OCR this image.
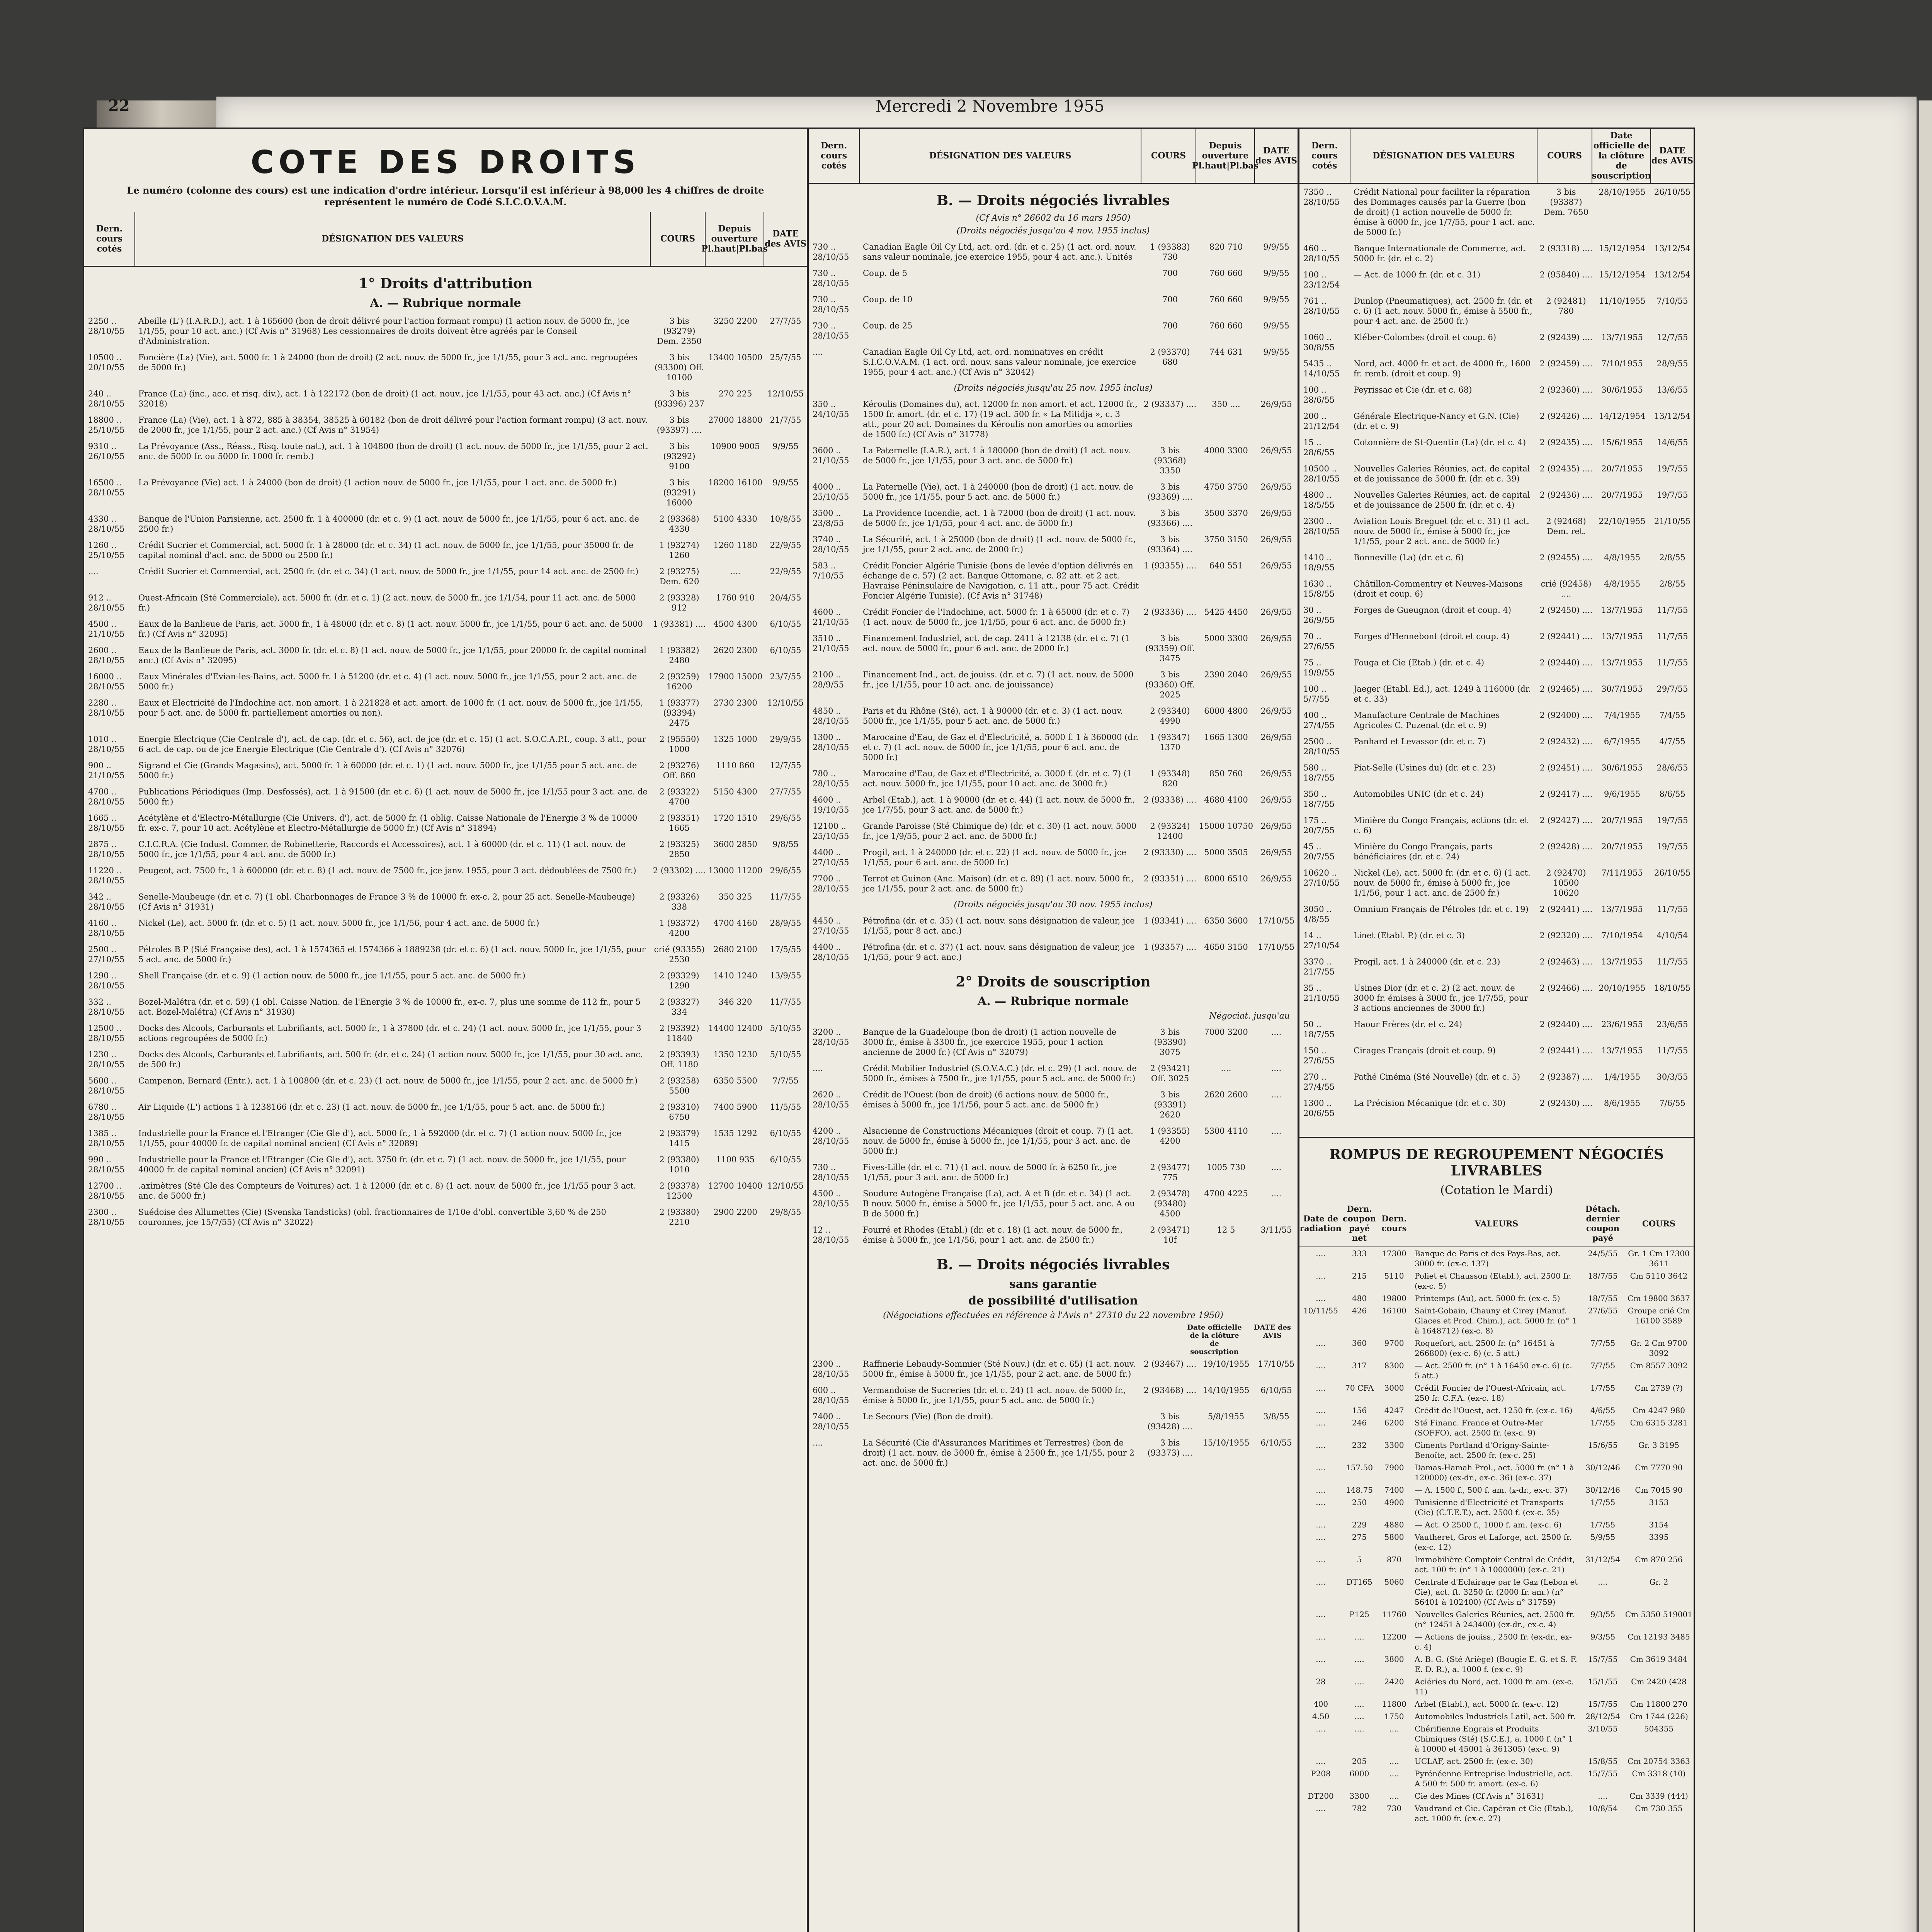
22	Mercredi 2 Novembre 1955
COTE DES DROITS
Le numéro (colonne des cours) est une indication d'ordre intérieur. Lorsqu'il est inférieur à 98,000 les 4 chiffres de droite représentent le numéro de Codé S.I.C.O.V.A.M.
Dern. cours cotés
DÉSIGNATION DES VALEURS	COURS
Depuis ouverture Pl.haut|Pl.bas
DATE des AVIS
1° Droits d'attribution
A. — Rubrique normale
2250 .. 28/10/55
Abeille (L') (I.A.R.D.), act. 1 à 165600 (bon de droit délivré pour l'action formant rompu) (1 action nouv. de 5000 fr., jce 1/1/55, pour 10 act. anc.) (Cf Avis n° 31968) Les cessionnaires de droits doivent être agréés par le Conseil d'Administration.
3 bis (93279) Dem. 2350
3250 2200	27/7/55
10500 .. 20/10/55
Foncière (La) (Vie), act. 5000 fr. 1 à 24000 (bon de droit) (2 act. nouv. de 5000 fr., jce 1/1/55, pour 3 act. anc. regroupées de 5000 fr.)
3 bis (93300) Off. 10100
13400 10500 25/7/55
240 .. 28/10/55
France (La) (inc., acc. et risq. div.), act. 1 à 122172 (bon de droit) (1 act. nouv., jce 1/1/55, pour 43 act. anc.) (Cf Avis n° 32018)
3 bis (93396) 237
270 225	12/10/55
18800 .. 25/10/55
France (La) (Vie), act. 1 à 872, 885 à 38354, 38525 à 60182 (bon de droit délivré pour l'action formant rompu) (3 act. nouv. de 2000 fr., jce 1/1/55, pour 2 act. anc.) (Cf Avis n° 31954)
3 bis (93397) ....
27000 18800 21/7/55
9310 .. 26/10/55
La Prévoyance (Ass., Réass., Risq. toute nat.), act. 1 à 104800 (bon de droit) (1 act. nouv. de 5000 fr., jce 1/1/55, pour 2 act. anc. de 5000 fr. ou 5000 fr. 1000 fr. remb.)
3 bis (93292) 9100
10900 9005	9/9/55
16500 .. 28/10/55
La Prévoyance (Vie) act. 1 à 24000 (bon de droit) (1 action nouv. de 5000 fr., jce 1/1/55, pour 1 act. anc. de 5000 fr.)	3 bis (93291) 16000
18200 16100	9/9/55
4330 .. 28/10/55
Banque de l'Union Parisienne, act. 2500 fr. 1 à 400000 (dr. et c. 9) (1 act. nouv. de 5000 fr., jce 1/1/55, pour 6 act. anc. de 2500 fr.)
2 (93368) 4330
5100 4330	10/8/55
1260 .. 25/10/55
Crédit Sucrier et Commercial, act. 5000 fr. 1 à 28000 (dr. et c. 34) (1 act. nouv. de 5000 fr., jce 1/1/55, pour 35000 fr. de capital nominal d'act. anc. de 5000 ou 2500 fr.)
1 (93274) 1260
1260 1180	22/9/55
....	Crédit Sucrier et Commercial, act. 2500 fr. (dr. et c. 34) (1 act. nouv. de 5000 fr., jce 1/1/55, pour 14 act. anc. de 2500 fr.)	2 (93275) Dem. 620
....	22/9/55
912 .. 28/10/55
Ouest-Africain (Sté Commerciale), act. 5000 fr. (dr. et c. 1) (2 act. nouv. de 5000 fr., jce 1/1/54, pour 11 act. anc. de 5000 fr.)
2 (93328) 912
1760 910	20/4/55
4500 .. 21/10/55
Eaux de la Banlieue de Paris, act. 5000 fr., 1 à 48000 (dr. et c. 8) (1 act. nouv. 5000 fr., jce 1/1/55, pour 6 act. anc. de 5000 fr.) (Cf Avis n° 32095)
1 (93381) .... 4500 4300	6/10/55
2600 .. 28/10/55
Eaux de la Banlieue de Paris, act. 3000 fr. (dr. et c. 8) (1 act. nouv. de 5000 fr., jce 1/1/55, pour 20000 fr. de capital nominal anc.) (Cf Avis n° 32095)
1 (93382) 2480
2620 2300	6/10/55
16000 .. 28/10/55
Eaux Minérales d'Evian-les-Bains, act. 5000 fr. 1 à 51200 (dr. et c. 4) (1 act. nouv. 5000 fr., jce 1/1/55, pour 2 act. anc. de 5000 fr.)
2 (93259) 16200
17900 15000 23/7/55
2280 .. 28/10/55
Eaux et Electricité de l'Indochine act. non amort. 1 à 221828 et act. amort. de 1000 fr. (1 act. nouv. de 5000 fr., jce 1/1/55, pour 5 act. anc. de 5000 fr. partiellement amorties ou non).
1 (93377) (93394) 2475
2730 2300	12/10/55
1010 .. 28/10/55
Energie Electrique (Cie Centrale d'), act. de cap. (dr. et c. 56), act. de jce (dr. et c. 15) (1 act. S.O.C.A.P.I., coup. 3 att., pour 6 act. de cap. ou de jce Energie Electrique (Cie Centrale d'). (Cf Avis n° 32076)
2 (95550) 1000
1325 1000	29/9/55
900 .. 21/10/55
Sigrand et Cie (Grands Magasins), act. 5000 fr. 1 à 60000 (dr. et c. 1) (1 act. nouv. 5000 fr., jce 1/1/55 pour 5 act. anc. de 5000 fr.)
2 (93276) Off. 860
1110 860	12/7/55
4700 .. 28/10/55
Publications Périodiques (Imp. Desfossés), act. 1 à 91500 (dr. et c. 6) (1 act. nouv. de 5000 fr., jce 1/1/55 pour 3 act. anc. de 5000 fr.)
2 (93322) 4700
5150 4300	27/7/55
1665 .. 28/10/55
Acétylène et d'Electro-Métallurgie (Cie Univers. d'), act. de 5000 fr. (1 oblig. Caisse Nationale de l'Energie 3 % de 10000 fr. ex-c. 7, pour 10 act. Acétylène et Electro-Métallurgie de 5000 fr.) (Cf Avis n° 31894)
2 (93351) 1665
1720 1510	29/6/55
2875 .. 28/10/55
C.I.C.R.A. (Cie Indust. Commer. de Robinetterie, Raccords et Accessoires), act. 1 à 60000 (dr. et c. 11) (1 act. nouv. de 5000 fr., jce 1/1/55, pour 4 act. anc. de 5000 fr.)
2 (93325) 2850
3600 2850	9/8/55
11220 .. 28/10/55
Peugeot, act. 7500 fr., 1 à 600000 (dr. et c. 8) (1 act. nouv. de 7500 fr., jce janv. 1955, pour 3 act. dédoublées de 7500 fr.)	2 (93302) .... 13000 11200 29/6/55
342 .. 28/10/55
Senelle-Maubeuge (dr. et c. 7) (1 obl. Charbonnages de France 3 % de 10000 fr. ex-c. 2, pour 25 act. Senelle-Maubeuge) (Cf Avis n° 31931)
2 (93326) 338
350 325	11/7/55
4160 .. 28/10/55
Nickel (Le), act. 5000 fr. (dr. et c. 5) (1 act. nouv. 5000 fr., jce 1/1/56, pour 4 act. anc. de 5000 fr.)	1 (93372) 4200
4700 4160	28/9/55
2500 .. 27/10/55
Pétroles B P (Sté Française des), act. 1 à 1574365 et 1574366 à 1889238 (dr. et c. 6) (1 act. nouv. 5000 fr., jce 1/1/55, pour 5 act. anc. de 5000 fr.)
crié (93355) 2530
2680 2100	17/5/55
1290 .. 28/10/55
Shell Française (dr. et c. 9) (1 action nouv. de 5000 fr., jce 1/1/55, pour 5 act. anc. de 5000 fr.)	2 (93329) 1290
1410 1240	13/9/55
332 .. 28/10/55
Bozel-Malétra (dr. et c. 59) (1 obl. Caisse Nation. de l'Energie 3 % de 10000 fr., ex-c. 7, plus une somme de 112 fr., pour 5 act. Bozel-Malétra) (Cf Avis n° 31930)
2 (93327) 334
346 320	11/7/55
12500 .. 28/10/55
Docks des Alcools, Carburants et Lubrifiants, act. 5000 fr., 1 à 37800 (dr. et c. 24) (1 act. nouv. 5000 fr., jce 1/1/55, pour 3 actions regroupées de 5000 fr.)
2 (93392) 11840
14400 12400 5/10/55
1230 .. 28/10/55
Docks des Alcools, Carburants et Lubrifiants, act. 500 fr. (dr. et c. 24) (1 action nouv. 5000 fr., jce 1/1/55, pour 30 act. anc. de 500 fr.)
2 (93393) Off. 1180
1350 1230	5/10/55
5600 .. 28/10/55
Campenon, Bernard (Entr.), act. 1 à 100800 (dr. et c. 23) (1 act. nouv. de 5000 fr., jce 1/1/55, pour 2 act. anc. de 5000 fr.)	2 (93258) 5500
6350 5500	7/7/55
6780 .. 28/10/55
Air Liquide (L') actions 1 à 1238166 (dr. et c. 23) (1 act. nouv. de 5000 fr., jce 1/1/55, pour 5 act. anc. de 5000 fr.)	2 (93310) 6750
7400 5900	11/5/55
1385 .. 28/10/55
Industrielle pour la France et l'Etranger (Cie Gle d'), act. 5000 fr., 1 à 592000 (dr. et c. 7) (1 action nouv. 5000 fr., jce 1/1/55, pour 40000 fr. de capital nominal ancien) (Cf Avis n° 32089)
2 (93379) 1415
1535 1292	6/10/55
990 .. 28/10/55
Industrielle pour la France et l'Etranger (Cie Gle d'), act. 3750 fr. (dr. et c. 7) (1 act. nouv. de 5000 fr., jce 1/1/55, pour 40000 fr. de capital nominal ancien) (Cf Avis n° 32091)
2 (93380) 1010
1100 935	6/10/55
12700 .. 28/10/55
.aximètres (Sté Gle des Compteurs de Voitures) act. 1 à 12000 (dr. et c. 8) (1 act. nouv. de 5000 fr., jce 1/1/55 pour 3 act. anc. de 5000 fr.)
2 (93378) 12500
12700 10400 12/10/55
2300 .. 28/10/55
Suédoise des Allumettes (Cie) (Svenska Tandsticks) (obl. fractionnaires de 1/10e d'obl. convertible 3,60 % de 250 couronnes, jce 15/7/55) (Cf Avis n° 32022)
2 (93380) 2210
2900 2200	29/8/55
Dern. cours cotés
DÉSIGNATION DES VALEURS	COURS
Depuis ouverture Pl.haut|Pl.bas
DATE des AVIS
B. — Droits négociés livrables
(Cf Avis n° 26602 du 16 mars 1950)
(Droits négociés jusqu'au 4 nov. 1955 inclus)
730 .. 28/10/55
Canadian Eagle Oil Cy Ltd, act. ord. (dr. et c. 25) (1 act. ord. nouv. sans valeur nominale, jce exercice 1955, pour 4 act. anc.). Unités
1 (93383) 730
820 710	9/9/55
730 .. 28/10/55
Coup. de 5	700	760 660	9/9/55
730 .. 28/10/55
Coup. de 10	700	760 660	9/9/55
730 .. 28/10/55
Coup. de 25	700	760 660	9/9/55
....	Canadian Eagle Oil Cy Ltd, act. ord. nominatives en crédit S.I.C.O.V.A.M. (1 act. ord. nouv. sans valeur nominale, jce exercice 1955, pour 4 act. anc.) (Cf Avis n° 32042)
2 (93370) 680
744 631	9/9/55
(Droits négociés jusqu'au 25 nov. 1955 inclus)
350 .. 24/10/55
Kéroulis (Domaines du), act. 12000 fr. non amort. et act. 12000 fr., 1500 fr. amort. (dr. et c. 17) (19 act. 500 fr. « La Mitidja », c. 3 att., pour 20 act. Domaines du Kéroulis non amorties ou amorties de 1500 fr.) (Cf Avis n° 31778)
2 (93337) ....	350 ....	26/9/55
3600 .. 21/10/55
La Paternelle (I.A.R.), act. 1 à 180000 (bon de droit) (1 act. nouv. de 5000 fr., jce 1/1/55, pour 3 act. anc. de 5000 fr.)
3 bis (93368) 3350
4000 3300	26/9/55
4000 .. 25/10/55
La Paternelle (Vie), act. 1 à 240000 (bon de droit) (1 act. nouv. de 5000 fr., jce 1/1/55, pour 5 act. anc. de 5000 fr.)
3 bis (93369) ....
4750 3750	26/9/55
3500 .. 23/8/55
La Providence Incendie, act. 1 à 72000 (bon de droit) (1 act. nouv. de 5000 fr., jce 1/1/55, pour 4 act. anc. de 5000 fr.)
3 bis (93366) ....
3500 3370	26/9/55
3740 .. 28/10/55
La Sécurité, act. 1 à 25000 (bon de droit) (1 act. nouv. de 5000 fr., jce 1/1/55, pour 2 act. anc. de 2000 fr.)
3 bis (93364) ....
3750 3150	26/9/55
583 .. 7/10/55
Crédit Foncier Algérie Tunisie (bons de levée d'option délivrés en échange de c. 57) (2 act. Banque Ottomane, c. 82 att. et 2 act. Havraise Péninsulaire de Navigation, c. 11 att., pour 75 act. Crédit Foncier Algérie Tunisie). (Cf Avis n° 31748)
1 (93355) ....	640 551	26/9/55
4600 .. 21/10/55
Crédit Foncier de l'Indochine, act. 5000 fr. 1 à 65000 (dr. et c. 7) (1 act. nouv. de 5000 fr., jce 1/1/55, pour 6 act. anc. de 5000 fr.)
2 (93336) .... 5425 4450	26/9/55
3510 .. 21/10/55
Financement Industriel, act. de cap. 2411 à 12138 (dr. et c. 7) (1 act. nouv. de 5000 fr., pour 6 act. anc. de 2000 fr.)
3 bis (93359) Off. 3475
5000 3300	26/9/55
2100 .. 28/9/55
Financement Ind., act. de jouiss. (dr. et c. 7) (1 act. nouv. de 5000 fr., jce 1/1/55, pour 10 act. anc. de jouissance)
3 bis (93360) Off. 2025
2390 2040	26/9/55
4850 .. 28/10/55
Paris et du Rhône (Sté), act. 1 à 90000 (dr. et c. 3) (1 act. nouv. 5000 fr., jce 1/1/55, pour 5 act. anc. de 5000 fr.)
2 (93340) 4990
6000 4800	26/9/55
1300 .. 28/10/55
Marocaine d'Eau, de Gaz et d'Electricité, a. 5000 f. 1 à 360000 (dr. et c. 7) (1 act. nouv. de 5000 fr., jce 1/1/55, pour 6 act. anc. de 5000 fr.)
1 (93347) 1370
1665 1300	26/9/55
780 .. 28/10/55
Marocaine d'Eau, de Gaz et d'Electricité, a. 3000 f. (dr. et c. 7) (1 act. nouv. 5000 fr., jce 1/1/55, pour 10 act. anc. de 3000 fr.)
1 (93348) 820
850 760	26/9/55
4600 .. 19/10/55
Arbel (Etab.), act. 1 à 90000 (dr. et c. 44) (1 act. nouv. de 5000 fr., jce 1/7/55, pour 3 act. anc. de 5000 fr.)
2 (93338) .... 4680 4100	26/9/55
12100 .. 25/10/55
Grande Paroisse (Sté Chimique de) (dr. et c. 30) (1 act. nouv. 5000 fr., jce 1/9/55, pour 2 act. anc. de 5000 fr.)
2 (93324) 12400
15000 10750 26/9/55
4400 .. 27/10/55
Progil, act. 1 à 240000 (dr. et c. 22) (1 act. nouv. de 5000 fr., jce 1/1/55, pour 6 act. anc. de 5000 fr.)
2 (93330) .... 5000 3505	26/9/55
7700 .. 28/10/55
Terrot et Guinon (Anc. Maison) (dr. et c. 89) (1 act. nouv. 5000 fr., jce 1/1/55, pour 2 act. anc. de 5000 fr.)
2 (93351) .... 8000 6510	26/9/55
(Droits négociés jusqu'au 30 nov. 1955 inclus)
4450 .. 27/10/55
Pétrofina (dr. et c. 35) (1 act. nouv. sans désignation de valeur, jce 1/1/55, pour 8 act. anc.)
1 (93341) .... 6350 3600	17/10/55
4400 .. 28/10/55
Pétrofina (dr. et c. 37) (1 act. nouv. sans désignation de valeur, jce 1/1/55, pour 9 act. anc.)
1 (93357) .... 4650 3150	17/10/55
2° Droits de souscription
A. — Rubrique normale
Négociat. jusqu'au
3200 .. 28/10/55
Banque de la Guadeloupe (bon de droit) (1 action nouvelle de 3000 fr., émise à 3300 fr., jce exercice 1955, pour 1 action ancienne de 2000 fr.) (Cf Avis n° 32079)
3 bis (93390) 3075
7000 3200	....
....	Crédit Mobilier Industriel (S.O.V.A.C.) (dr. et c. 29) (1 act. nouv. de 5000 fr., émises à 7500 fr., jce 1/1/55, pour 5 act. anc. de 5000 fr.)
2 (93421) Off. 3025
....	....
2620 .. 28/10/55
Crédit de l'Ouest (bon de droit) (6 actions nouv. de 5000 fr., émises à 5000 fr., jce 1/1/56, pour 5 act. anc. de 5000 fr.)
3 bis (93391) 2620
2620 2600	....
4200 .. 28/10/55
Alsacienne de Constructions Mécaniques (droit et coup. 7) (1 act. nouv. de 5000 fr., émise à 5000 fr., jce 1/1/55, pour 3 act. anc. de 5000 fr.)
1 (93355) 4200
5300 4110	....
730 .. 28/10/55
Fives-Lille (dr. et c. 71) (1 act. nouv. de 5000 fr. à 6250 fr., jce 1/1/55, pour 3 act. anc. de 5000 fr.)
2 (93477) 775
1005 730	....
4500 .. 28/10/55
Soudure Autogène Française (La), act. A et B (dr. et c. 34) (1 act. B nouv. 5000 fr., émise à 5000 fr., jce 1/1/55, pour 5 act. anc. A ou B de 5000 fr.)
2 (93478) (93480) 4500
4700 4225	....
12 .. 28/10/55
Fourré et Rhodes (Etabl.) (dr. et c. 18) (1 act. nouv. de 5000 fr., émise à 5000 fr., jce 1/1/56, pour 1 act. anc. de 2500 fr.)
2 (93471) 10f
12 5	3/11/55
B. — Droits négociés livrables
sans garantie
de possibilité d'utilisation
(Négociations effectuées en référence à l'Avis n° 27310 du 22 novembre 1950)
Date officielle de la clôture de souscription
DATE des AVIS
2300 .. 28/10/55
Raffinerie Lebaudy-Sommier (Sté Nouv.) (dr. et c. 65) (1 act. nouv. 5000 fr., émise à 5000 fr., jce 1/1/55, pour 2 act. anc. de 5000 fr.)
2 (93467) .... 19/10/1955	17/10/55
600 .. 28/10/55
Vermandoise de Sucreries (dr. et c. 24) (1 act. nouv. de 5000 fr., émise à 5000 fr., jce 1/1/55, pour 5 act. anc. de 5000 fr.)
2 (93468) .... 14/10/1955	6/10/55
7400 .. 28/10/55
Le Secours (Vie) (Bon de droit).	3 bis (93428) ....
5/8/1955	3/8/55
....	La Sécurité (Cie d'Assurances Maritimes et Terrestres) (bon de droit) (1 act. nouv. de 5000 fr., émise à 2500 fr., jce 1/1/55, pour 2 act. anc. de 5000 fr.)
3 bis (93373) ....
15/10/1955	6/10/55
Dern. cours cotés
DÉSIGNATION DES VALEURS	COURS
Date officielle de la clôture de souscription
DATE des AVIS
7350 .. 28/10/55
Crédit National pour faciliter la réparation des Dommages causés par la Guerre (bon de droit) (1 action nouvelle de 5000 fr. émise à 6000 fr., jce 1/7/55, pour 1 act. anc. de 5000 fr.)
3 bis (93387) Dem. 7650
28/10/1955	26/10/55
460 .. 28/10/55
Banque Internationale de Commerce, act. 5000 fr. (dr. et c. 2)
2 (93318) .... 15/12/1954	13/12/54
100 .. 23/12/54
— Act. de 1000 fr. (dr. et c. 31)	2 (95840) .... 15/12/1954	13/12/54
761 .. 28/10/55
Dunlop (Pneumatiques), act. 2500 fr. (dr. et c. 6) (1 act. nouv. 5000 fr., émise à 5500 fr., pour 4 act. anc. de 2500 fr.)
2 (92481) 780
11/10/1955	7/10/55
1060 .. 30/8/55
Kléber-Colombes (droit et coup. 6)	2 (92439) ....	13/7/1955	12/7/55
5435 .. 14/10/55
Nord, act. 4000 fr. et act. de 4000 fr., 1600 fr. remb. (droit et coup. 9)
2 (92459) ....	7/10/1955	28/9/55
100 .. 28/6/55
Peyrissac et Cie (dr. et c. 68)	2 (92360) ....	30/6/1955	13/6/55
200 .. 21/12/54
Générale Electrique-Nancy et G.N. (Cie) (dr. et c. 9)
2 (92426) .... 14/12/1954	13/12/54
15 .. 28/6/55
Cotonnière de St-Quentin (La) (dr. et c. 4)	2 (92435) ....	15/6/1955	14/6/55
10500 .. 28/10/55
Nouvelles Galeries Réunies, act. de capital et de jouissance de 5000 fr. (dr. et c. 39)
2 (92435) ....	20/7/1955	19/7/55
4800 .. 18/5/55
Nouvelles Galeries Réunies, act. de capital et de jouissance de 2500 fr. (dr. et c. 4)
2 (92436) ....	20/7/1955	19/7/55
2300 .. 28/10/55
Aviation Louis Breguet (dr. et c. 31) (1 act. nouv. de 5000 fr., émise à 5000 fr., jce 1/1/55, pour 2 act. anc. de 5000 fr.)
2 (92468) Dem. ret.
22/10/1955	21/10/55
1410 .. 18/9/55
Bonneville (La) (dr. et c. 6)	2 (92455) ....	4/8/1955	2/8/55
1630 .. 15/8/55
Châtillon-Commentry et Neuves-Maisons (droit et coup. 6)
crié (92458) ....
4/8/1955	2/8/55
30 .. 26/9/55
Forges de Gueugnon (droit et coup. 4)	2 (92450) ....	13/7/1955	11/7/55
70 .. 27/6/55
Forges d'Hennebont (droit et coup. 4)	2 (92441) ....	13/7/1955	11/7/55
75 .. 19/9/55
Fouga et Cie (Etab.) (dr. et c. 4)	2 (92440) ....	13/7/1955	11/7/55
100 .. 5/7/55
Jaeger (Etabl. Ed.), act. 1249 à 116000 (dr. et c. 33)
2 (92465) ....	30/7/1955	29/7/55
400 .. 27/4/55
Manufacture Centrale de Machines Agricoles C. Puzenat (dr. et c. 9)
2 (92400) ....	7/4/1955	7/4/55
2500 .. 28/10/55
Panhard et Levassor (dr. et c. 7)	2 (92432) ....	6/7/1955	4/7/55
580 .. 18/7/55
Piat-Selle (Usines du) (dr. et c. 23)	2 (92451) ....	30/6/1955	28/6/55
350 .. 18/7/55
Automobiles UNIC (dr. et c. 24)	2 (92417) ....	9/6/1955	8/6/55
175 .. 20/7/55
Minière du Congo Français, actions (dr. et c. 6)
2 (92427) ....	20/7/1955	19/7/55
45 .. 20/7/55
Minière du Congo Français, parts bénéficiaires (dr. et c. 24)
2 (92428) ....	20/7/1955	19/7/55
10620 .. 27/10/55
Nickel (Le), act. 5000 fr. (dr. et c. 6) (1 act. nouv. de 5000 fr., émise à 5000 fr., jce 1/1/56, pour 1 act. anc. de 2500 fr.)
2 (92470) 10500 10620
7/11/1955	26/10/55
3050 .. 4/8/55
Omnium Français de Pétroles (dr. et c. 19)	2 (92441) ....	13/7/1955	11/7/55
14 .. 27/10/54
Linet (Etabl. P.) (dr. et c. 3)	2 (92320) ....	7/10/1954	4/10/54
3370 .. 21/7/55
Progil, act. 1 à 240000 (dr. et c. 23)	2 (92463) ....	13/7/1955	11/7/55
35 .. 21/10/55
Usines Dior (dr. et c. 2) (2 act. nouv. de 3000 fr. émises à 3000 fr., jce 1/7/55, pour 3 actions anciennes de 3000 fr.)
2 (92466) .... 20/10/1955	18/10/55
50 .. 18/7/55
Haour Frères (dr. et c. 24)	2 (92440) ....	23/6/1955	23/6/55
150 .. 27/6/55
Cirages Français (droit et coup. 9)	2 (92441) ....	13/7/1955	11/7/55
270 .. 27/4/55
Pathé Cinéma (Sté Nouvelle) (dr. et c. 5)	2 (92387) ....	1/4/1955	30/3/55
1300 .. 20/6/55
La Précision Mécanique (dr. et c. 30)	2 (92430) ....	8/6/1955	7/6/55
ROMPUS DE REGROUPEMENT NÉGOCIÉS LIVRABLES
(Cotation le Mardi)
Date de radiation
Dern. coupon payé net
Dern. cours	VALEURS
Détach. dernier coupon payé
COURS
....	333	17300	Banque de Paris et des Pays-Bas, act. 3000 fr. (ex-c. 137)
24/5/55	Gr. 1 Cm 17300 3611
....	215	5110	Poliet et Chausson (Etabl.), act. 2500 fr. (ex-c. 5)
18/7/55	Cm 5110 3642
....	480	19800	Printemps (Au), act. 5000 fr. (ex-c. 5)	18/7/55	Cm 19800 3637
10/11/55	426	16100	Saint-Gobain, Chauny et Cirey (Manuf. Glaces et Prod. Chim.), act. 5000 fr. (n° 1 à 1648712) (ex-c. 8)
27/6/55	Groupe crié Cm 16100 3589
....	360	9700	Roquefort, act. 2500 fr. (n° 16451 à 266800) (ex-c. 6) (c. 5 att.)
7/7/55	Gr. 2 Cm 9700 3092
....	317	8300	— Act. 2500 fr. (n° 1 à 16450 ex-c. 6) (c. 5 att.)
7/7/55	Cm 8557 3092
....	70 CFA	3000	Crédit Foncier de l'Ouest-Africain, act. 250 fr. C.F.A. (ex-c. 18)
1/7/55	Cm 2739 (?)
....	156	4247	Crédit de l'Ouest, act. 1250 fr. (ex-c. 16)	4/6/55	Cm 4247 980
....	246	6200	Sté Financ. France et Outre-Mer (SOFFO), act. 2500 fr. (ex-c. 9)
1/7/55	Cm 6315 3281
....	232	3300	Ciments Portland d'Origny-Sainte-Benoîte, act. 2500 fr. (ex-c. 25)
15/6/55	Gr. 3 3195
....	157.50	7900	Damas-Hamah Prol., act. 5000 fr. (n° 1 à 120000) (ex-dr., ex-c. 36) (ex-c. 37)
30/12/46	Cm 7770 90
....	148.75	7400	— A. 1500 f., 500 f. am. (x-dr., ex-c. 37)	30/12/46	Cm 7045 90
....	250	4900	Tunisienne d'Electricité et Transports (Cie) (C.T.E.T.), act. 2500 f. (ex-c. 35)
1/7/55	3153
....	229	4880	— Act. O 2500 f., 1000 f. am. (ex-c. 6)	1/7/55	3154
....	275	5800	Vautheret, Gros et Laforge, act. 2500 fr. (ex-c. 12)
5/9/55	3395
....	5	870	Immobilière Comptoir Central de Crédit, act. 100 fr. (n° 1 à 1000000) (ex-c. 21)
31/12/54	Cm 870 256
....	DT165	5060	Centrale d'Eclairage par le Gaz (Lebon et Cie), act. ft. 3250 fr. (2000 fr. am.) (n° 56401 à 102400) (Cf Avis n° 31759)
....	Gr. 2
....	P125	11760	Nouvelles Galeries Réunies, act. 2500 fr. (n° 12451 à 243400) (ex-dr., ex-c. 4)
9/3/55	Cm 5350 519001
....	....	12200	— Actions de jouiss., 2500 fr. (ex-dr., ex-c. 4)
9/3/55	Cm 12193 3485
....	....	3800	A. B. G. (Sté Ariège) (Bougie E. G. et S. F. E. D. R.), a. 1000 f. (ex-c. 9)
15/7/55	Cm 3619 3484
28	....	2420	Aciéries du Nord, act. 1000 fr. am. (ex-c. 11)
15/1/55	Cm 2420 (428
400	....	11800	Arbel (Etabl.), act. 5000 fr. (ex-c. 12)	15/7/55	Cm 11800 270
4.50	....	1750	Automobiles Industriels Latil, act. 500 fr.	28/12/54	Cm 1744 (226)
....	....	....	Chérifienne Engrais et Produits Chimiques (Sté) (S.C.E.), a. 1000 f. (n° 1 à 10000 et 45001 à 361305) (ex-c. 9)
3/10/55	504355
....	205	....	UCLAF, act. 2500 fr. (ex-c. 30)	15/8/55	Cm 20754 3363
P208	6000	....	Pyrénéenne Entreprise Industrielle, act. A 500 fr. 500 fr. amort. (ex-c. 6)
15/7/55	Cm 3318 (10)
DT200	3300	....	Cie des Mines (Cf Avis n° 31631)	....	Cm 3339 (444)
....	782	730	Vaudrand et Cie. Capéran et Cie (Etab.), act. 1000 fr. (ex-c. 27)
10/8/54	Cm 730 355
